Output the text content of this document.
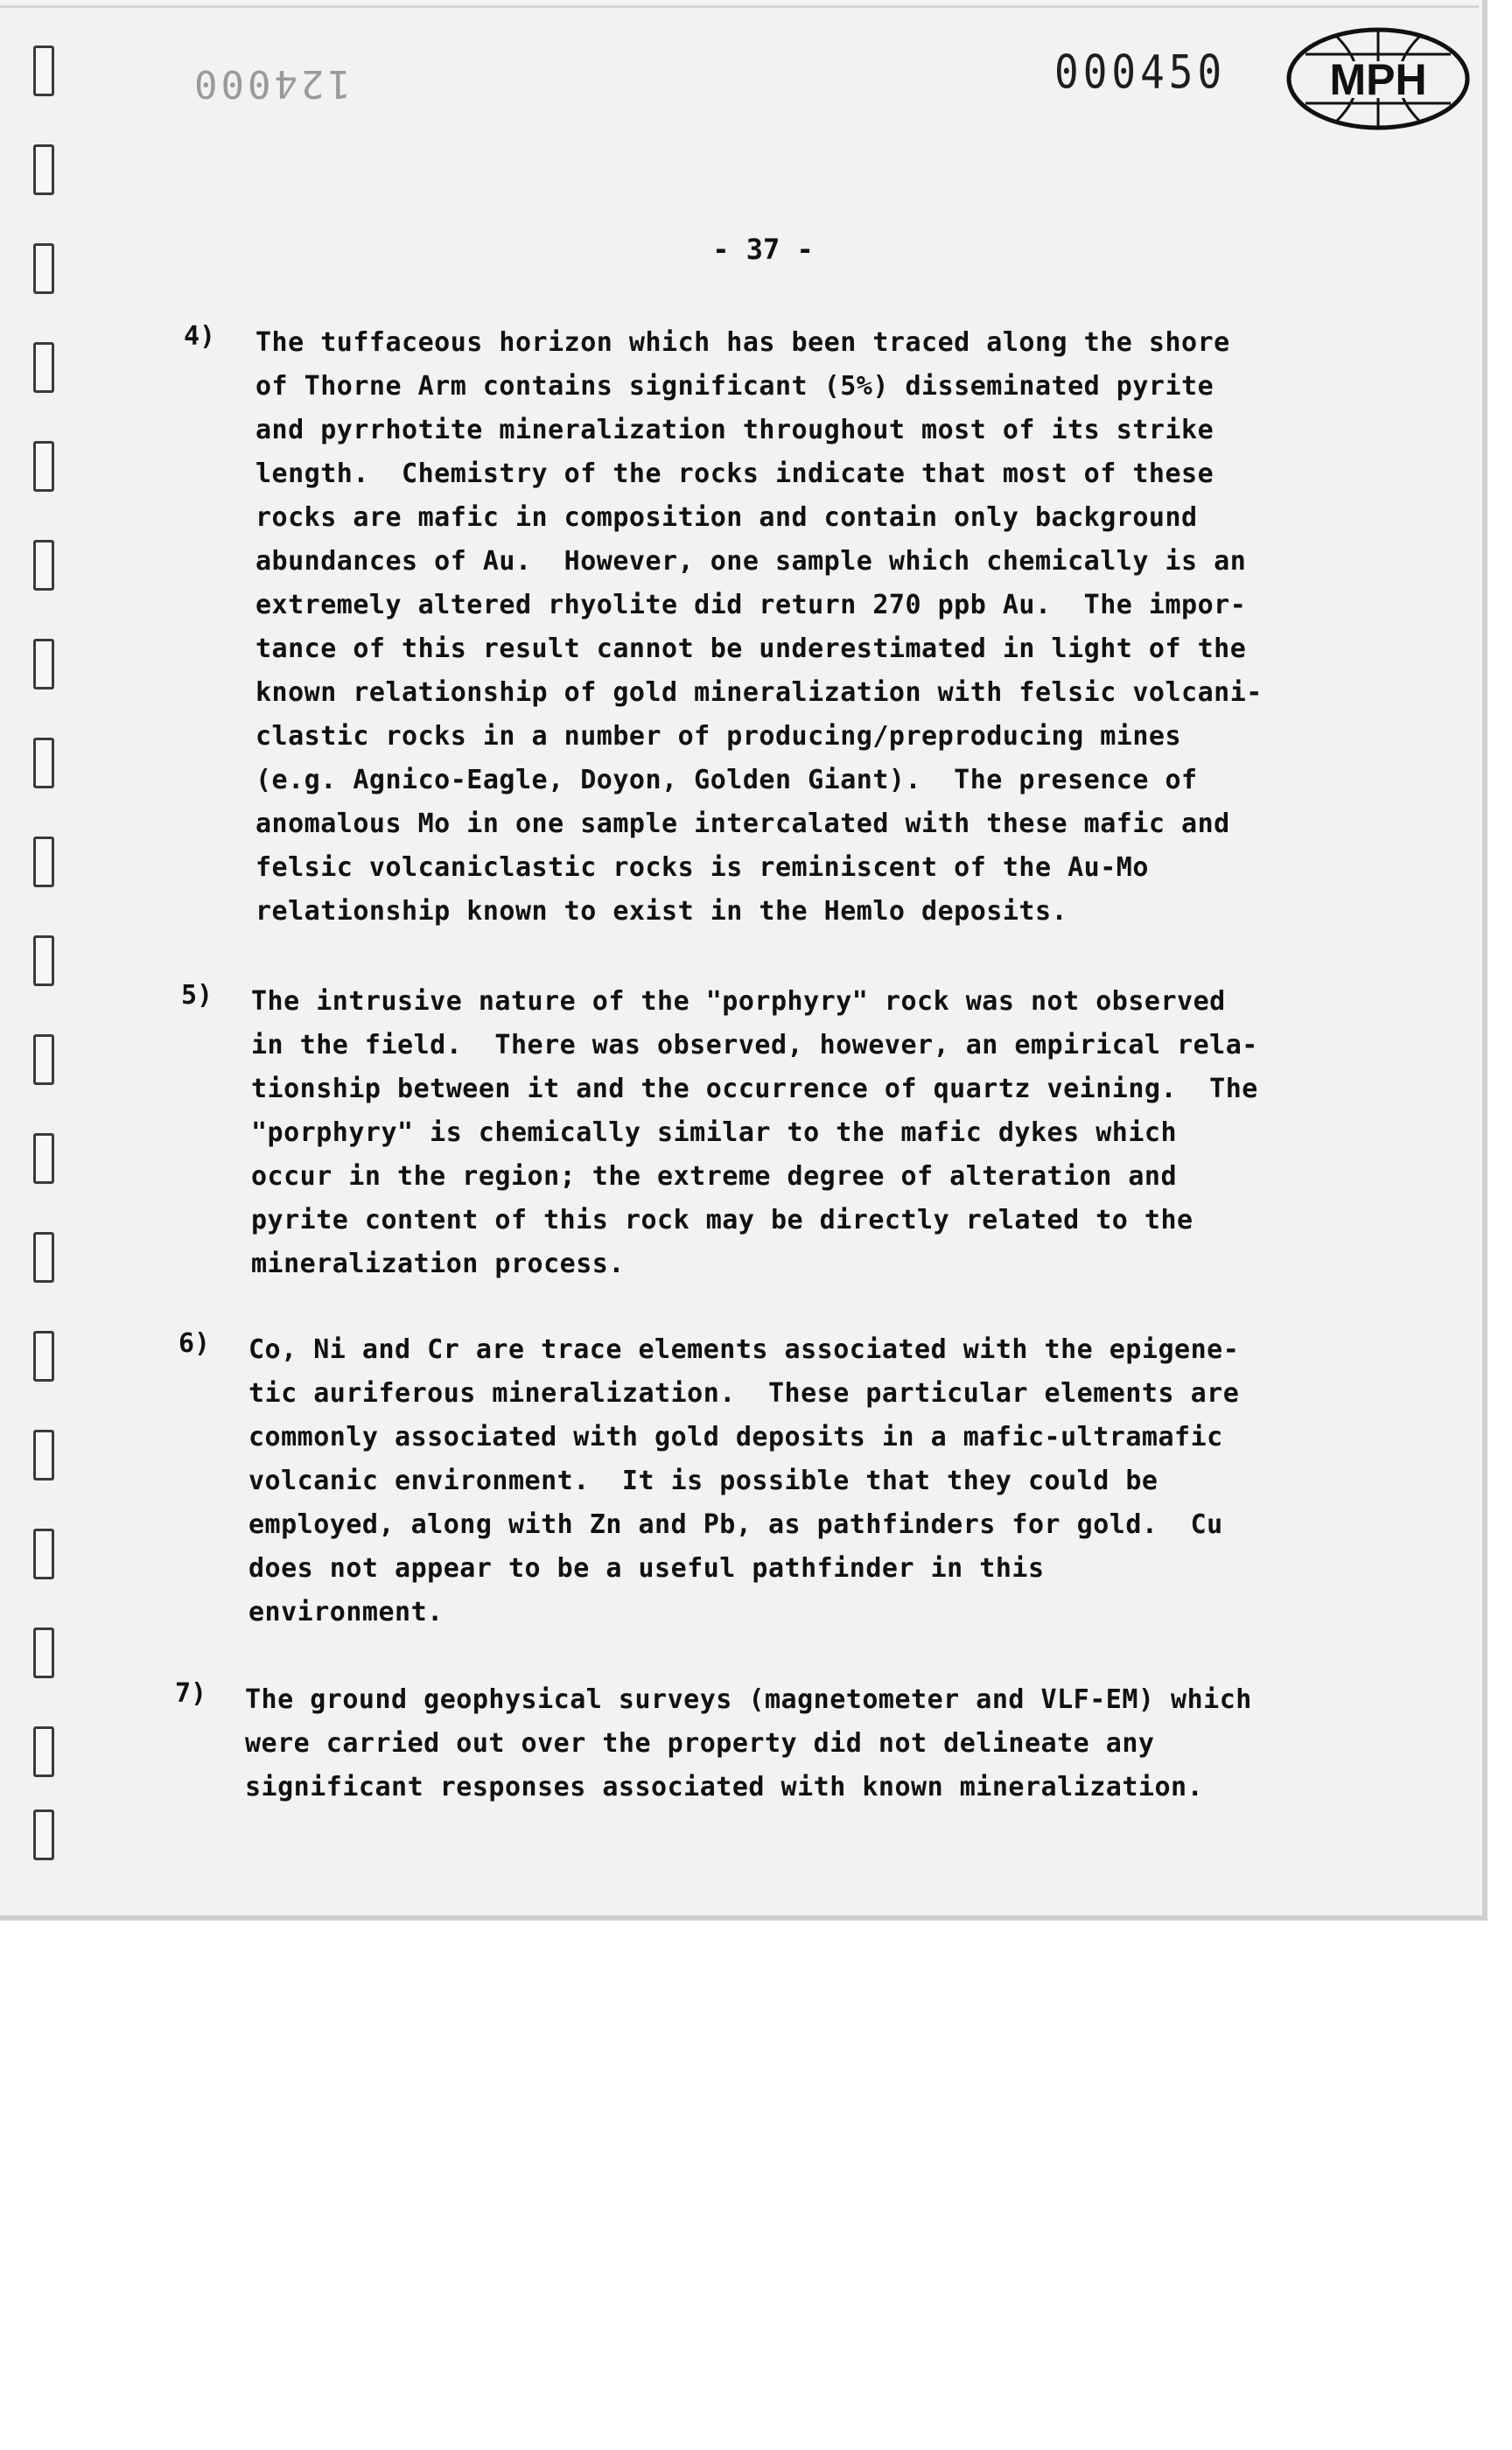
124000	000450 MPH
- 37 -
4) The tuffaceous horizon which has been traced along the shore
of Thorne Arm contains significant (5%) disseminated pyrite
and pyrrhotite mineralization throughout most of its strike
length.  Chemistry of the rocks indicate that most of these
rocks are mafic in composition and contain only background
abundances of Au.  However, one sample which chemically is an
extremely altered rhyolite did return 270 ppb Au.  The impor-
tance of this result cannot be underestimated in light of the
known relationship of gold mineralization with felsic volcani-
clastic rocks in a number of producing/preproducing mines
(e.g. Agnico-Eagle, Doyon, Golden Giant).  The presence of
anomalous Mo in one sample intercalated with these mafic and
felsic volcaniclastic rocks is reminiscent of the Au-Mo
relationship known to exist in the Hemlo deposits.
5) The intrusive nature of the "porphyry" rock was not observed
in the field.  There was observed, however, an empirical rela-
tionship between it and the occurrence of quartz veining.  The
"porphyry" is chemically similar to the mafic dykes which
occur in the region; the extreme degree of alteration and
pyrite content of this rock may be directly related to the
mineralization process.
6) Co, Ni and Cr are trace elements associated with the epigene-
tic auriferous mineralization.  These particular elements are
commonly associated with gold deposits in a mafic-ultramafic
volcanic environment.  It is possible that they could be
employed, along with Zn and Pb, as pathfinders for gold.  Cu
does not appear to be a useful pathfinder in this
environment.
7) The ground geophysical surveys (magnetometer and VLF-EM) which
were carried out over the property did not delineate any
significant responses associated with known mineralization.
